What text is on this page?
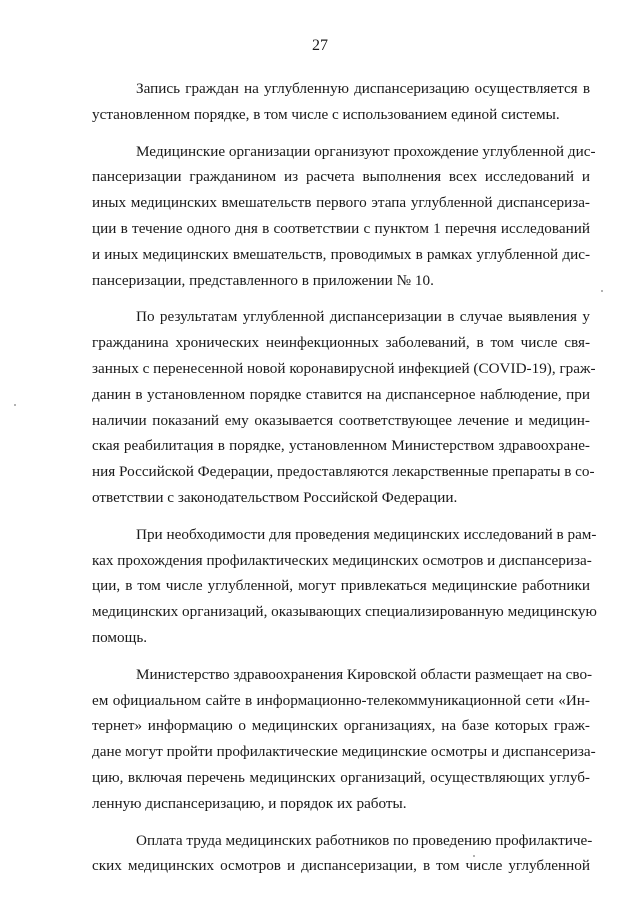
27
Запись граждан на углубленную диспансеризацию осуществляется в
установленном порядке, в том числе с использованием единой системы.
Медицинские организации организуют прохождение углубленной дис-
пансеризации гражданином из расчета выполнения всех исследований и
иных медицинских вмешательств первого этапа углубленной диспансериза-
ции в течение одного дня в соответствии с пунктом 1 перечня исследований
и иных медицинских вмешательств, проводимых в рамках углубленной дис-
пансеризации, представленного в приложении № 10.
По результатам углубленной диспансеризации в случае выявления у
гражданина хронических неинфекционных заболеваний, в том числе свя-
занных с перенесенной новой коронавирусной инфекцией (COVID-19), граж-
данин в установленном порядке ставится на диспансерное наблюдение, при
наличии показаний ему оказывается соответствующее лечение и медицин-
ская реабилитация в порядке, установленном Министерством здравоохране-
ния Российской Федерации, предоставляются лекарственные препараты в со-
ответствии с законодательством Российской Федерации.
При необходимости для проведения медицинских исследований в рам-
ках прохождения профилактических медицинских осмотров и диспансериза-
ции, в том числе углубленной, могут привлекаться медицинские работники
медицинских организаций, оказывающих специализированную медицинскую
помощь.
Министерство здравоохранения Кировской области размещает на сво-
ем официальном сайте в информационно-телекоммуникационной сети «Ин-
тернет» информацию о медицинских организациях, на базе которых граж-
дане могут пройти профилактические медицинские осмотры и диспансериза-
цию, включая перечень медицинских организаций, осуществляющих углуб-
ленную диспансеризацию, и порядок их работы.
Оплата труда медицинских работников по проведению профилактиче-
ских медицинских осмотров и диспансеризации, в том числе углубленной
